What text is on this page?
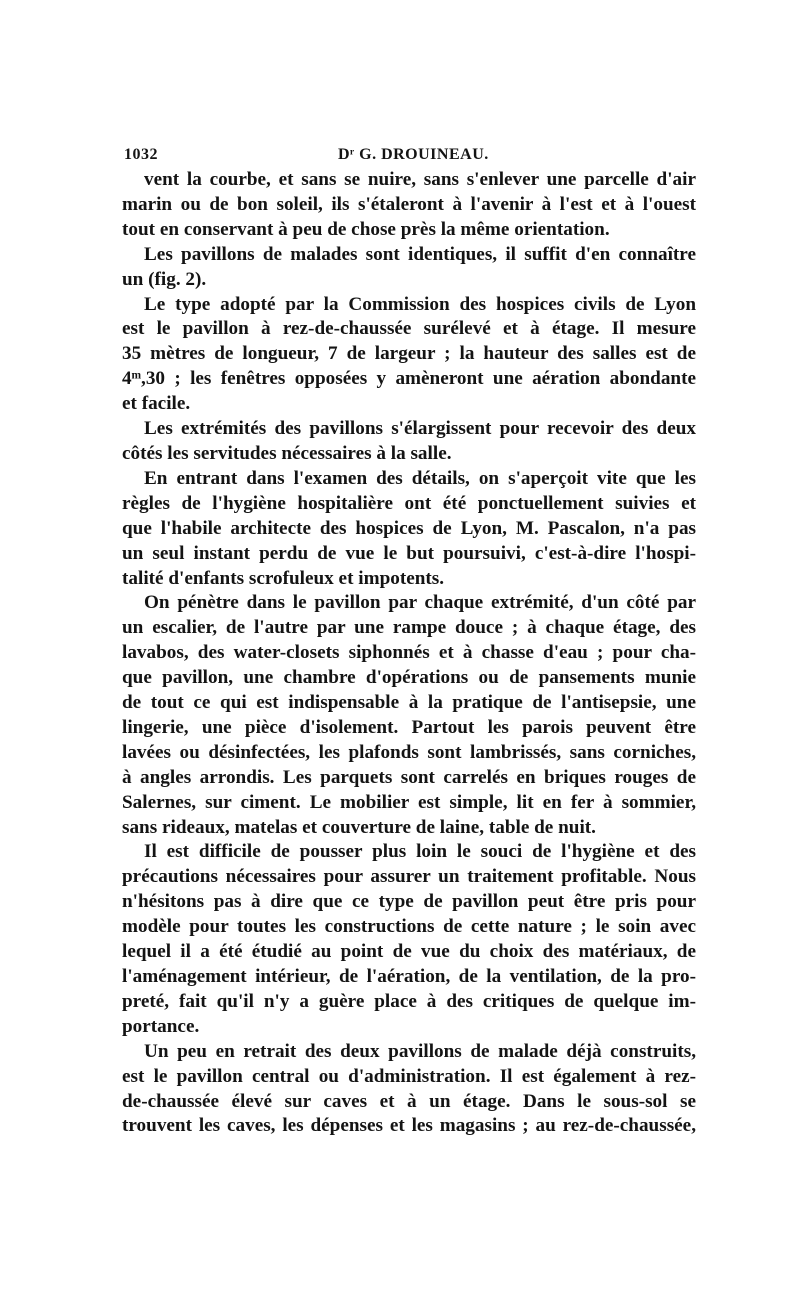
1032	Dʳ G. DROUINEAU.
vent la courbe, et sans se nuire, sans s'enlever une parcelle d'air
marin ou de bon soleil, ils s'étaleront à l'avenir à l'est et à l'ouest
tout en conservant à peu de chose près la même orientation.
Les pavillons de malades sont identiques, il suffit d'en connaître
un (fig. 2).
Le type adopté par la Commission des hospices civils de Lyon
est le pavillon à rez-de-chaussée surélevé et à étage. Il mesure
35 mètres de longueur, 7 de largeur ; la hauteur des salles est de
4ᵐ,30 ; les fenêtres opposées y amèneront une aération abondante
et facile.
Les extrémités des pavillons s'élargissent pour recevoir des deux
côtés les servitudes nécessaires à la salle.
En entrant dans l'examen des détails, on s'aperçoit vite que les
règles de l'hygiène hospitalière ont été ponctuellement suivies et
que l'habile architecte des hospices de Lyon, M. Pascalon, n'a pas
un seul instant perdu de vue le but poursuivi, c'est-à-dire l'hospi-
talité d'enfants scrofuleux et impotents.
On pénètre dans le pavillon par chaque extrémité, d'un côté par
un escalier, de l'autre par une rampe douce ; à chaque étage, des
lavabos, des water-closets siphonnés et à chasse d'eau ; pour cha-
que pavillon, une chambre d'opérations ou de pansements munie
de tout ce qui est indispensable à la pratique de l'antisepsie, une
lingerie, une pièce d'isolement. Partout les parois peuvent être
lavées ou désinfectées, les plafonds sont lambrissés, sans corniches,
à angles arrondis. Les parquets sont carrelés en briques rouges de
Salernes, sur ciment. Le mobilier est simple, lit en fer à sommier,
sans rideaux, matelas et couverture de laine, table de nuit.
Il est difficile de pousser plus loin le souci de l'hygiène et des
précautions nécessaires pour assurer un traitement profitable. Nous
n'hésitons pas à dire que ce type de pavillon peut être pris pour
modèle pour toutes les constructions de cette nature ; le soin avec
lequel il a été étudié au point de vue du choix des matériaux, de
l'aménagement intérieur, de l'aération, de la ventilation, de la pro-
preté, fait qu'il n'y a guère place à des critiques de quelque im-
portance.
Un peu en retrait des deux pavillons de malade déjà construits,
est le pavillon central ou d'administration. Il est également à rez-
de-chaussée élevé sur caves et à un étage. Dans le sous-sol se
trouvent les caves, les dépenses et les magasins ; au rez-de-chaussée,
